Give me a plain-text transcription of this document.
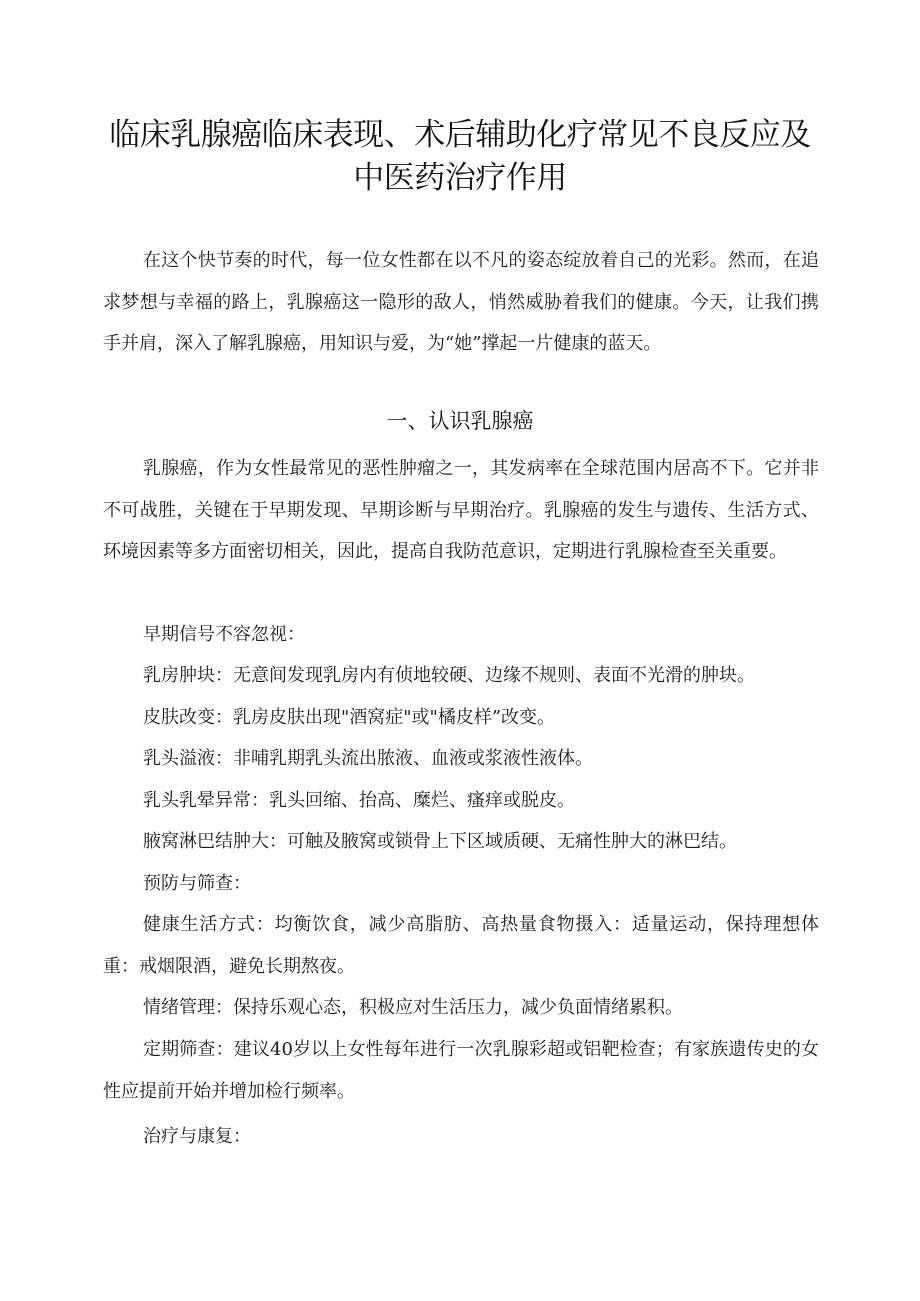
临床乳腺癌临床表现、术后辅助化疗常见不良反应及中医药治疗作用

在这个快节奏的时代，每一位女性都在以不凡的姿态绽放着自己的光彩。然而，在追求梦想与幸福的路上，乳腺癌这一隐形的敌人，悄然威胁着我们的健康。今天，让我们携手并肩，深入了解乳腺癌，用知识与爱，为“她”撑起一片健康的蓝天。

一、认识乳腺癌

乳腺癌，作为女性最常见的恶性肿瘤之一，其发病率在全球范围内居高不下。它并非不可战胜，关键在于早期发现、早期诊断与早期治疗。乳腺癌的发生与遗传、生活方式、环境因素等多方面密切相关，因此，提高自我防范意识，定期进行乳腺检查至关重要。

早期信号不容忽视：

乳房肿块：无意间发现乳房内有侦地较硬、边缘不规则、表面不光滑的肿块。

皮肤改变：乳房皮肤出现"酒窝症"或"橘皮样”改变。

乳头溢液：非哺乳期乳头流出脓液、血液或浆液性液体。

乳头乳晕异常：乳头回缩、抬高、糜烂、瘙痒或脱皮。

腋窝淋巴结肿大：可触及腋窝或锁骨上下区域质硬、无痛性肿大的淋巴结。

预防与筛查：

健康生活方式：均衡饮食，减少高脂肪、高热量食物摄入：适量运动，保持理想体重：戒烟限酒，避免长期熬夜。

情绪管理：保持乐观心态，积极应对生活压力，减少负面情绪累积。

定期筛查：建议40岁以上女性每年进行一次乳腺彩超或铝靶检查；有家族遗传史的女性应提前开始并增加检行频率。

治疗与康复：
